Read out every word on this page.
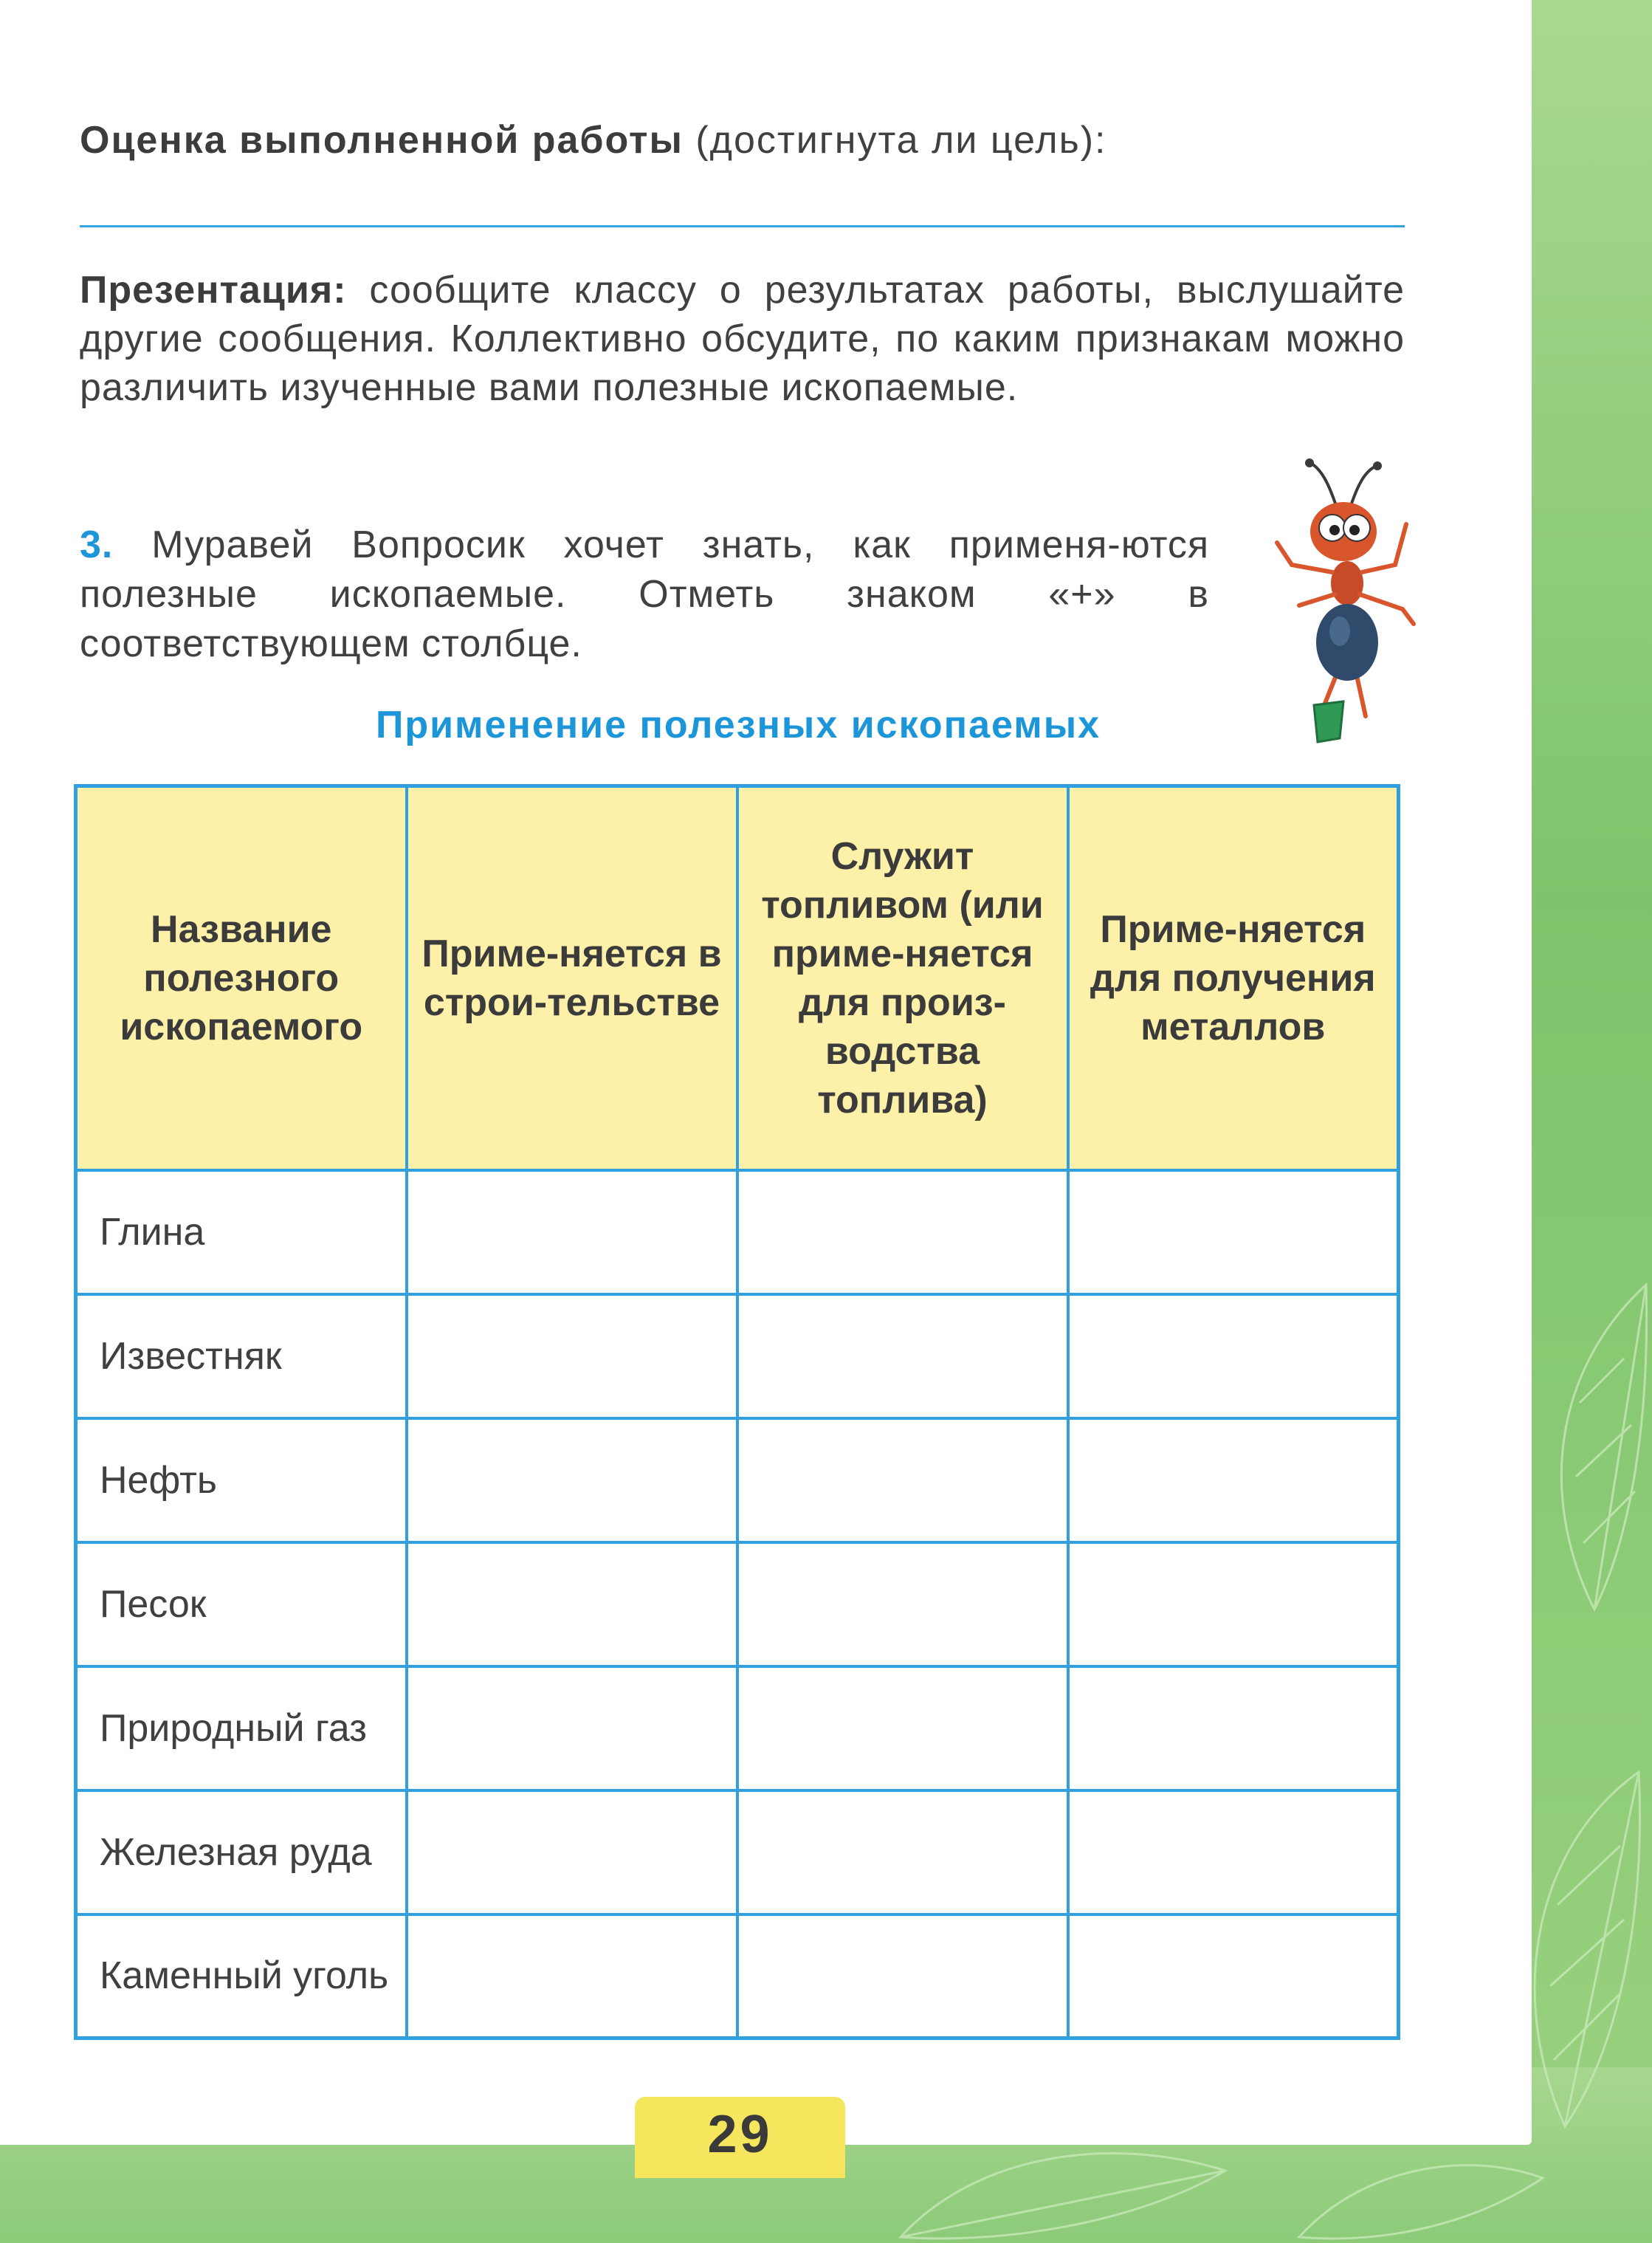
Оценка выполненной работы (достигнута ли цель):
Презентация: сообщите классу о результатах работы, выслушайте другие сообщения. Коллективно обсудите, по каким признакам можно различить изученные вами полезные ископаемые.
3. Муравей Вопросик хочет знать, как применя-ются полезные ископаемые. Отметь знаком «+» в соответствующем столбце.
Применение полезных ископаемых
Название полезного ископаемого	Приме-няется в строи-тельстве	Служит топливом (или приме-няется для произ-водства топлива)	Приме-няется для получения металлов
Глина			
Известняк			
Нефть			
Песок			
Природный газ			
Железная руда			
Каменный уголь			
29
